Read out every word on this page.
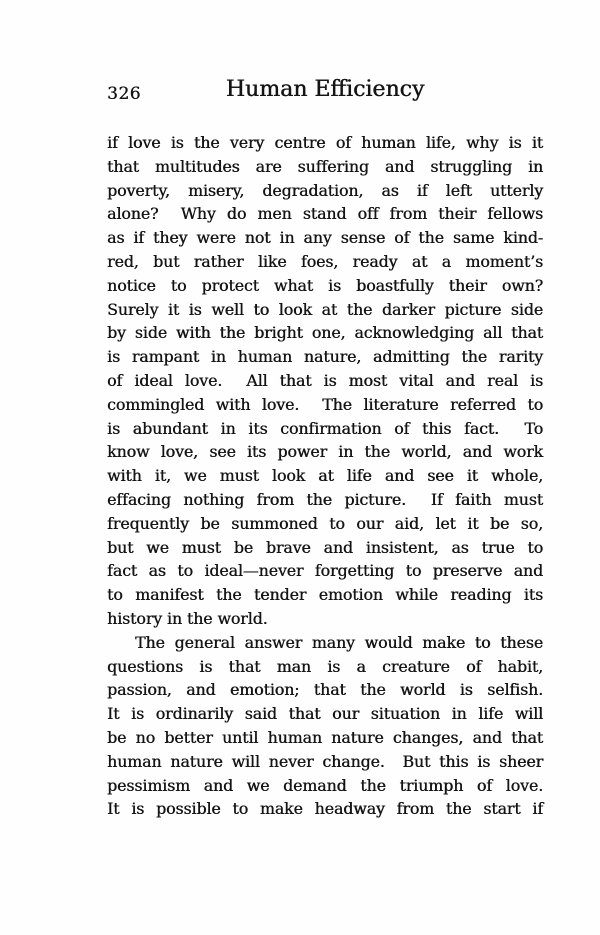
326	Human Efficiency
if love is the very centre of human life, why is it
that multitudes are suffering and struggling in
poverty, misery, degradation, as if left utterly
alone?  Why do men stand off from their fellows
as if they were not in any sense of the same kind-
red, but rather like foes, ready at a moment’s
notice to protect what is boastfully their own?
Surely it is well to look at the darker picture side
by side with the bright one, acknowledging all that
is rampant in human nature, admitting the rarity
of ideal love.  All that is most vital and real is
commingled with love.  The literature referred to
is abundant in its confirmation of this fact.  To
know love, see its power in the world, and work
with it, we must look at life and see it whole,
effacing nothing from the picture.  If faith must
frequently be summoned to our aid, let it be so,
but we must be brave and insistent, as true to
fact as to ideal—never forgetting to preserve and
to manifest the tender emotion while reading its
history in the world.
The general answer many would make to these
questions is that man is a creature of habit,
passion, and emotion; that the world is selfish.
It is ordinarily said that our situation in life will
be no better until human nature changes, and that
human nature will never change.  But this is sheer
pessimism and we demand the triumph of love.
It is possible to make headway from the start if
